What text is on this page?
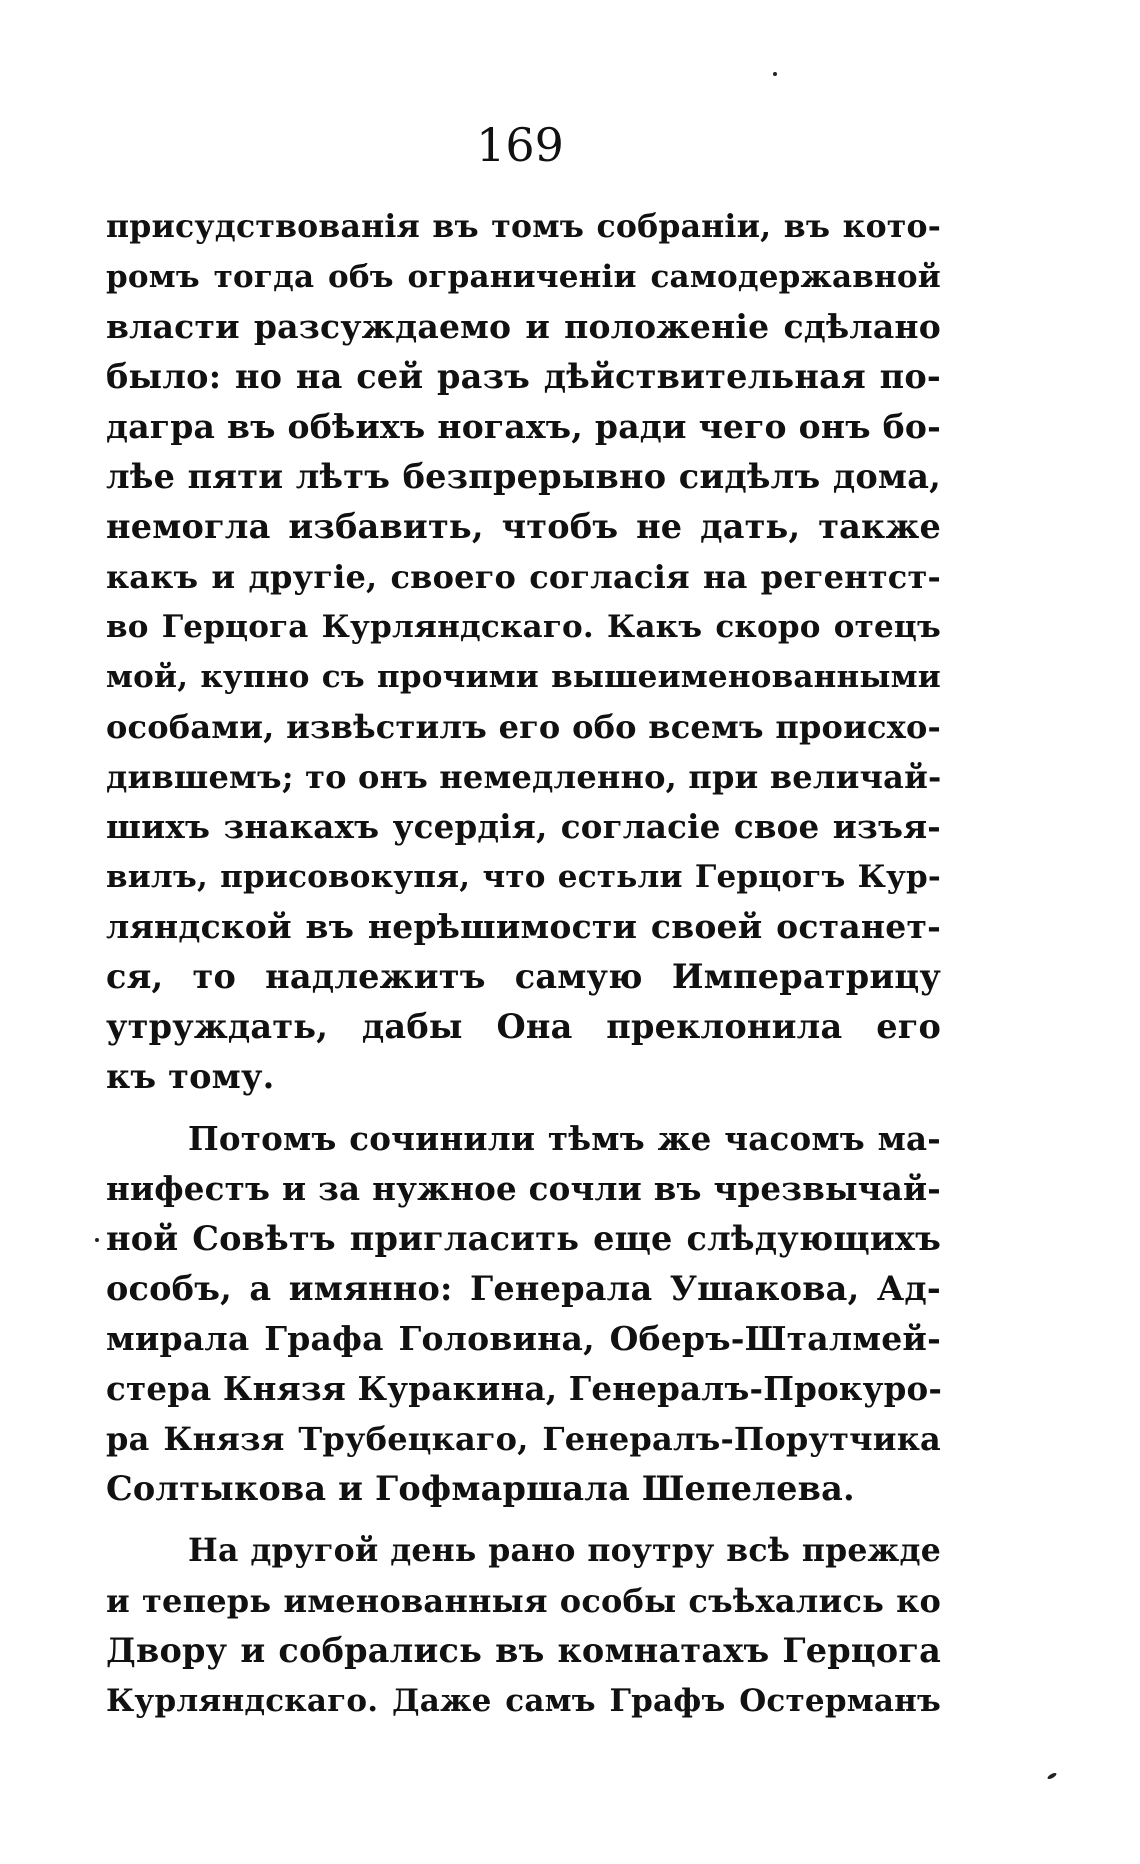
169
присудствованія въ томъ собраніи, въ кото-
ромъ тогда объ ограниченіи самодержавной
власти разсуждаемо и положеніе сдѣлано
было: но на сей разъ дѣйствительная по-
дагра въ обѣихъ ногахъ, ради чего онъ бо-
лѣе пяти лѣтъ безпрерывно сидѣлъ дома,
немогла избавить, чтобъ не дать, также
какъ и другіе, своего согласія на регентст-
во Герцога Курляндскаго. Какъ скоро отецъ
мой, купно съ прочими вышеименованными
особами, извѣстилъ его обо всемъ происхо-
дившемъ; то онъ немедленно, при величай-
шихъ знакахъ усердія, согласіе свое изъя-
вилъ, присовокупя, что естьли Герцогъ Кур-
ляндской въ нерѣшимости своей останет-
ся, то надлежитъ самую Императрицу
утруждать, дабы Она преклонила его
къ тому.
Потомъ сочинили тѣмъ же часомъ ма-
нифестъ и за нужное сочли въ чрезвычай-
ной Совѣтъ пригласить еще слѣдующихъ
особъ, а имянно: Генерала Ушакова, Ад-
мирала Графа Головина, Оберъ-Шталмей-
стера Князя Куракина, Генералъ-Прокуро-
ра Князя Трубецкаго, Генералъ-Порутчика
Солтыкова и Гофмаршала Шепелева.
На другой день рано поутру всѣ прежде
и теперь именованныя особы съѣхались ко
Двору и собрались въ комнатахъ Герцога
Курляндскаго. Даже самъ Графъ Остерманъ
